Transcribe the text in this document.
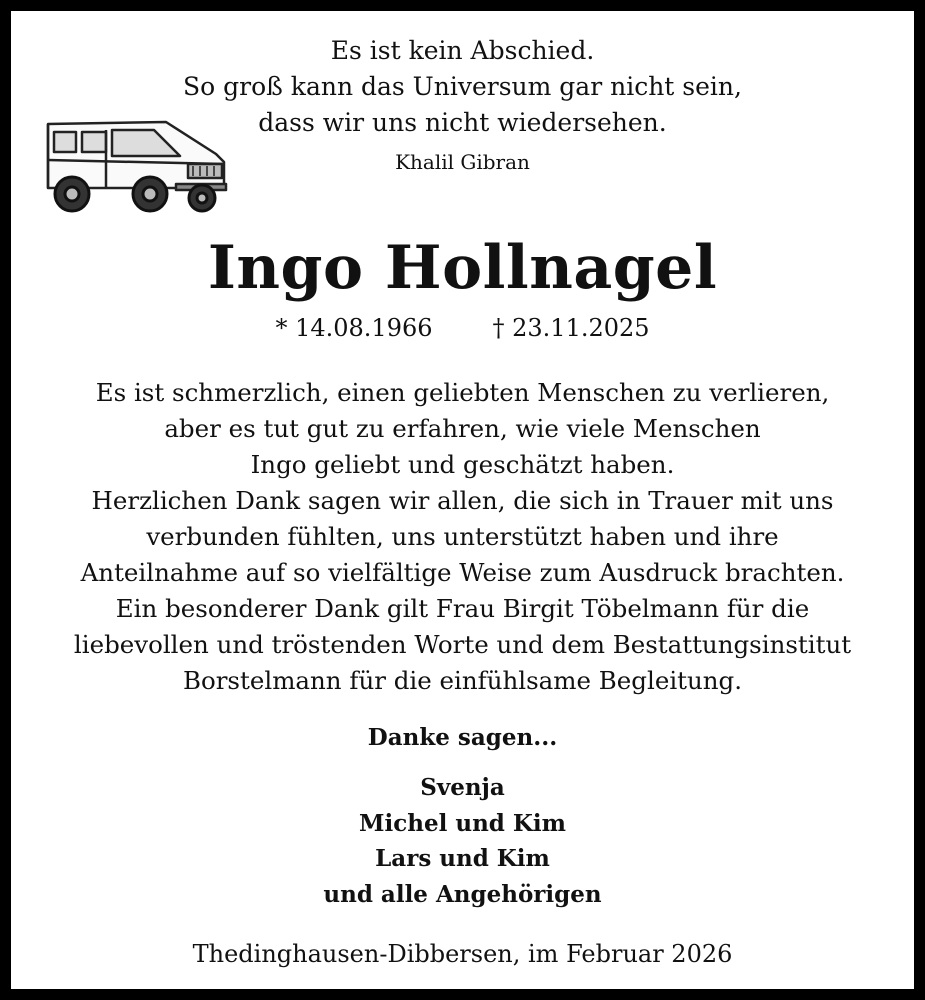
Es ist kein Abschied.
So groß kann das Universum gar nicht sein,
dass wir uns nicht wiedersehen.
Khalil Gibran
Ingo Hollnagel
* 14.08.1966	† 23.11.2025
Es ist schmerzlich, einen geliebten Menschen zu verlieren,
aber es tut gut zu erfahren, wie viele Menschen
Ingo geliebt und geschätzt haben.
Herzlichen Dank sagen wir allen, die sich in Trauer mit uns
verbunden fühlten, uns unterstützt haben und ihre
Anteilnahme auf so vielfältige Weise zum Ausdruck brachten.
Ein besonderer Dank gilt Frau Birgit Töbelmann für die
liebevollen und tröstenden Worte und dem Bestattungsinstitut
Borstelmann für die einfühlsame Begleitung.
Danke sagen...
Svenja
Michel und Kim
Lars und Kim
und alle Angehörigen
Thedinghausen-Dibbersen, im Februar 2026
